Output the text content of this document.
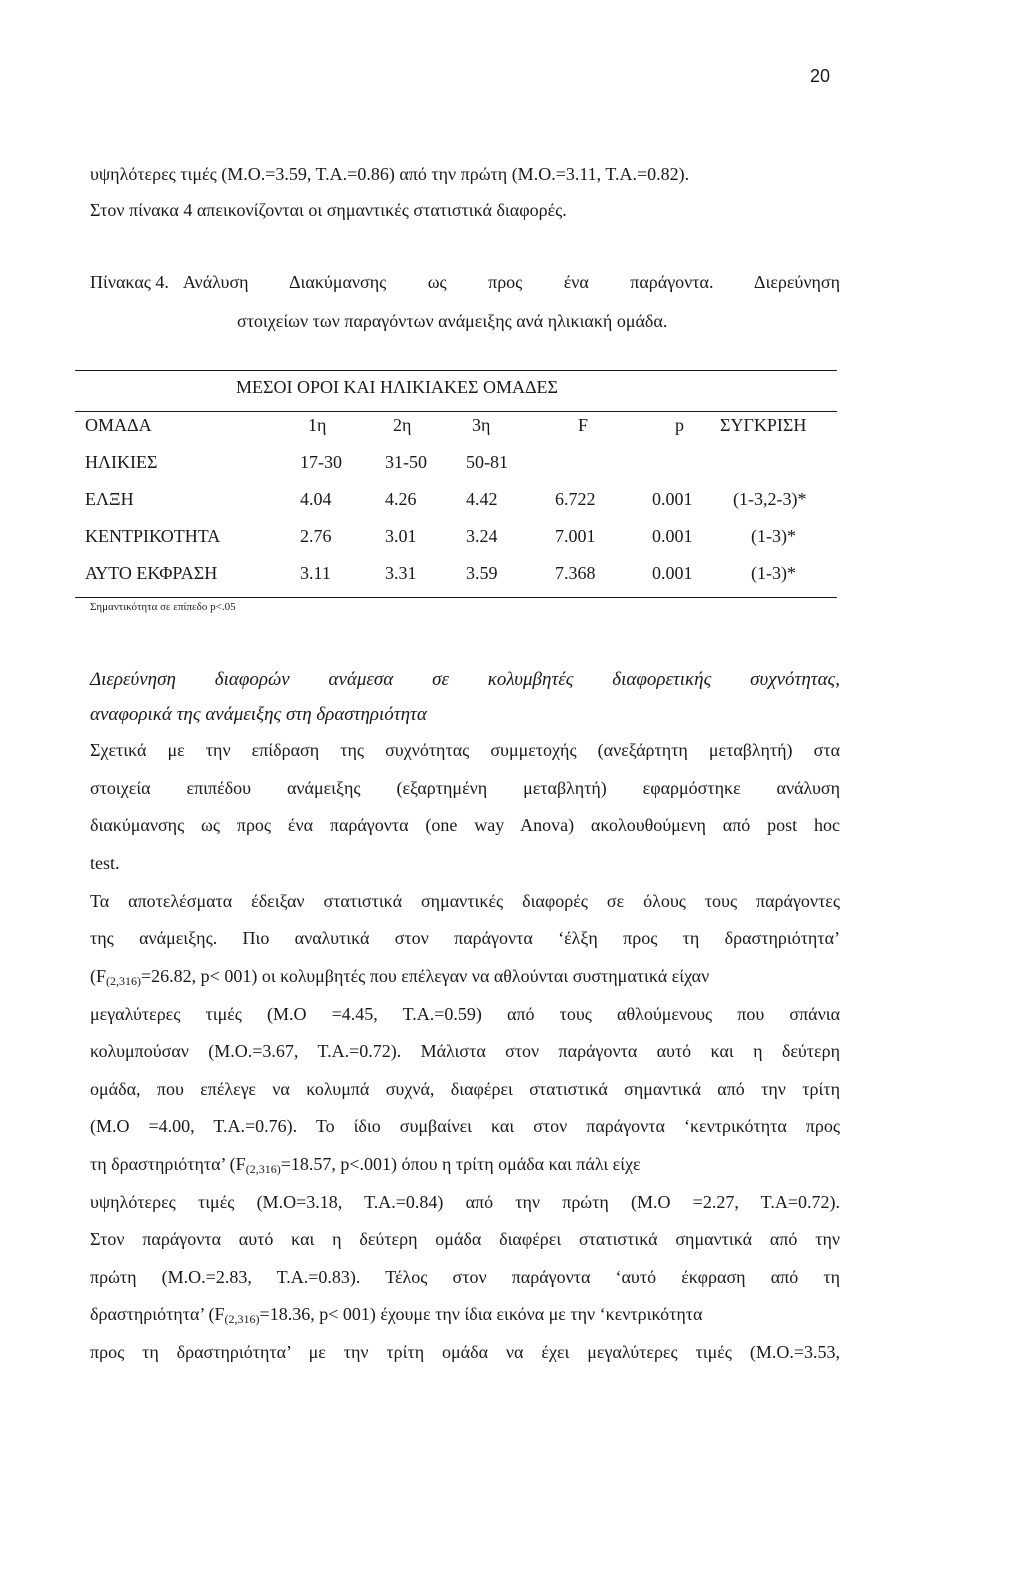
20
υψηλότερες τιμές (Μ.Ο.=3.59, Τ.Α.=0.86) από την πρώτη (Μ.Ο.=3.11, Τ.Α.=0.82).
Στον πίνακα 4 απεικονίζονται οι σημαντικές στατιστικά διαφορές.
Πίνακας 4. Ανάλυση Διακύμανσης ως προς ένα παράγοντα. Διερεύνηση
στοιχείων των παραγόντων ανάμειξης ανά ηλικιακή ομάδα.
ΜΕΣΟΙ ΟΡΟΙ ΚΑΙ ΗΛΙΚΙΑΚΕΣ ΟΜΑΔΕΣ
ΟΜΑΔΑ	1η	2η	3η	F	p ΣΥΓΚΡΙΣΗ
ΗΛΙΚΙΕΣ	17-30 31-50 50-81
ΕΛΞΗ	4.04	4.26	4.42	6.722	0.001 (1-3,2-3)*
ΚΕΝΤΡΙΚΟΤΗΤΑ	2.76	3.01	3.24	7.001	0.001	(1-3)*
ΑΥΤΟ ΕΚΦΡΑΣΗ	3.11	3.31	3.59	7.368	0.001	(1-3)*
Σημαντικότητα σε επίπεδο p<.05
Διερεύνηση διαφορών ανάμεσα σε κολυμβητές διαφορετικής συχνότητας,
αναφορικά της ανάμειξης στη δραστηριότητα
Σχετικά με την επίδραση της συχνότητας συμμετοχής (ανεξάρτητη μεταβλητή) στα
στοιχεία επιπέδου ανάμειξης (εξαρτημένη μεταβλητή) εφαρμόστηκε ανάλυση
διακύμανσης ως προς ένα παράγοντα (one way Anova) ακολουθούμενη από post hoc
test.
Τα αποτελέσματα έδειξαν στατιστικά σημαντικές διαφορές σε όλους τους παράγοντες
της ανάμειξης. Πιο αναλυτικά στον παράγοντα ‘έλξη προς τη δραστηριότητα’
($F_{(2,316)}=26.82$, p< 001) οι κολυμβητές που επέλεγαν να αθλούνται συστηματικά είχαν
μεγαλύτερες τιμές (Μ.Ο =4.45, Τ.Α.=0.59) από τους αθλούμενους που σπάνια
κολυμπούσαν (Μ.Ο.=3.67, Τ.Α.=0.72). Μάλιστα στον παράγοντα αυτό και η δεύτερη
ομάδα, που επέλεγε να κολυμπά συχνά, διαφέρει στατιστικά σημαντικά από την τρίτη
(Μ.Ο =4.00, Τ.Α.=0.76). Το ίδιο συμβαίνει και στον παράγοντα ‘κεντρικότητα προς
τη δραστηριότητα’ ($F_{(2,316)}=18.57$, p<.001) όπου η τρίτη ομάδα και πάλι είχε
υψηλότερες τιμές (Μ.Ο=3.18, Τ.Α.=0.84) από την πρώτη (Μ.Ο =2.27, Τ.Α=0.72).
Στον παράγοντα αυτό και η δεύτερη ομάδα διαφέρει στατιστικά σημαντικά από την
πρώτη (Μ.Ο.=2.83, Τ.Α.=0.83). Τέλος στον παράγοντα ‘αυτό έκφραση από τη
δραστηριότητα’ ($F_{(2,316)}=18.36$, p< 001) έχουμε την ίδια εικόνα με την ‘κεντρικότητα
προς τη δραστηριότητα’ με την τρίτη ομάδα να έχει μεγαλύτερες τιμές (Μ.Ο.=3.53,
